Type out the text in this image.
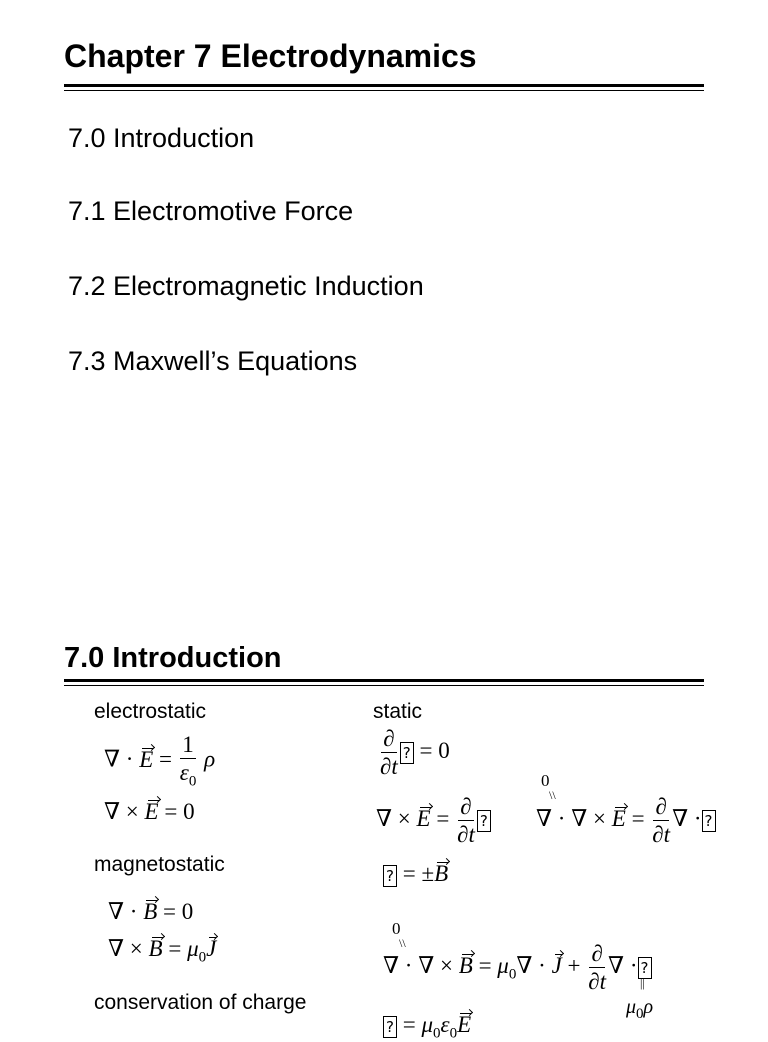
Chapter 7 Electrodynamics
7.0 Introduction
7.1 Electromotive Force
7.2 Electromagnetic Induction
7.3 Maxwell’s Equations
7.0 Introduction
electrostatic	static
magnetostatic
conservation of charge
∇ · $E = \frac{1}{\varepsilon_0}$ ρ
∇ × E = 0
∇ · B = 0
∇ × $B = \mu_0J$
$\frac{\partial}{\partial t}$ ? = 0
0
\\
∇ × $E = \frac{\partial}{\partial t}$ ? ∇ · ∇ × $E = \frac{\partial}{\partial t}$ ∇ · ?
? = ±B
0
\\
∇ · ∇ × $B = \mu_0\nabla \cdot J + \frac{\partial}{\partial t}$ ∇ · ?
||
$\mu_0\rho$
? = $\mu_0\varepsilon_0E$
